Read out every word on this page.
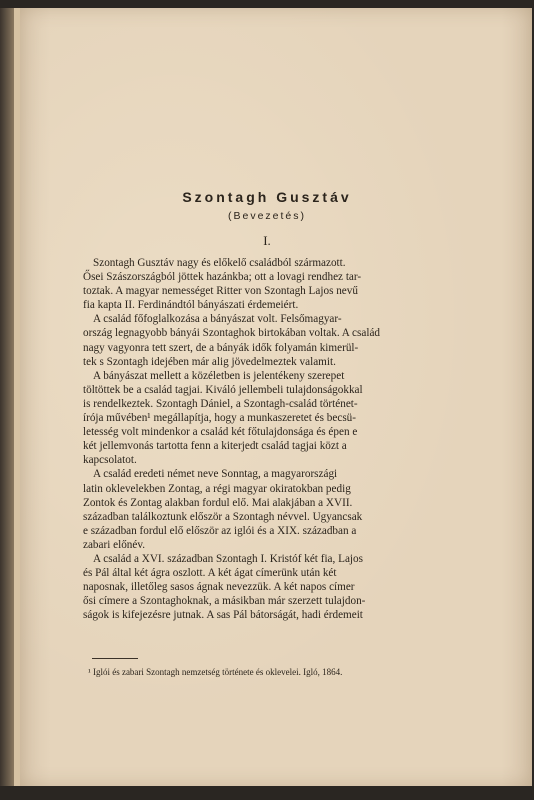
Szontagh Gusztáv
(Bevezetés)
I.
Szontagh Gusztáv nagy és előkelő családból származott.
Ősei Szászországból jöttek hazánkba; ott a lovagi rendhez tar-
toztak. A magyar nemességet Ritter von Szontagh Lajos nevű
fia kapta II. Ferdinándtól bányászati érdemeiért.
A család főfoglalkozása a bányászat volt. Felsőmagyar-
ország legnagyobb bányái Szontaghok birtokában voltak. A család
nagy vagyonra tett szert, de a bányák idők folyamán kimerül-
tek s Szontagh idejében már alig jövedelmeztek valamit.
A bányászat mellett a közéletben is jelentékeny szerepet
töltöttek be a család tagjai. Kiváló jellembeli tulajdonságokkal
is rendelkeztek. Szontagh Dániel, a Szontagh-család történet-
írója művében¹ megállapítja, hogy a munkaszeretet és becsü-
letesség volt mindenkor a család két főtulajdonsága és épen e
két jellemvonás tartotta fenn a kiterjedt család tagjai közt a
kapcsolatot.
A család eredeti német neve Sonntag, a magyarországi
latin oklevelekben Zontag, a régi magyar okiratokban pedig
Zontok és Zontag alakban fordul elő. Mai alakjában a XVII.
században találkoztunk először a Szontagh névvel. Ugyancsak
e században fordul elő először az iglói és a XIX. században a
zabari előnév.
A család a XVI. században Szontagh I. Kristóf két fia, Lajos
és Pál által két ágra oszlott. A két ágat címerünk után két
naposnak, illetőleg sasos ágnak nevezzük. A két napos címer
ősi címere a Szontaghoknak, a másikban már szerzett tulajdon-
ságok is kifejezésre jutnak. A sas Pál bátorságát, hadi érdemeit
¹ Iglói és zabari Szontagh nemzetség története és oklevelei. Igló, 1864.
